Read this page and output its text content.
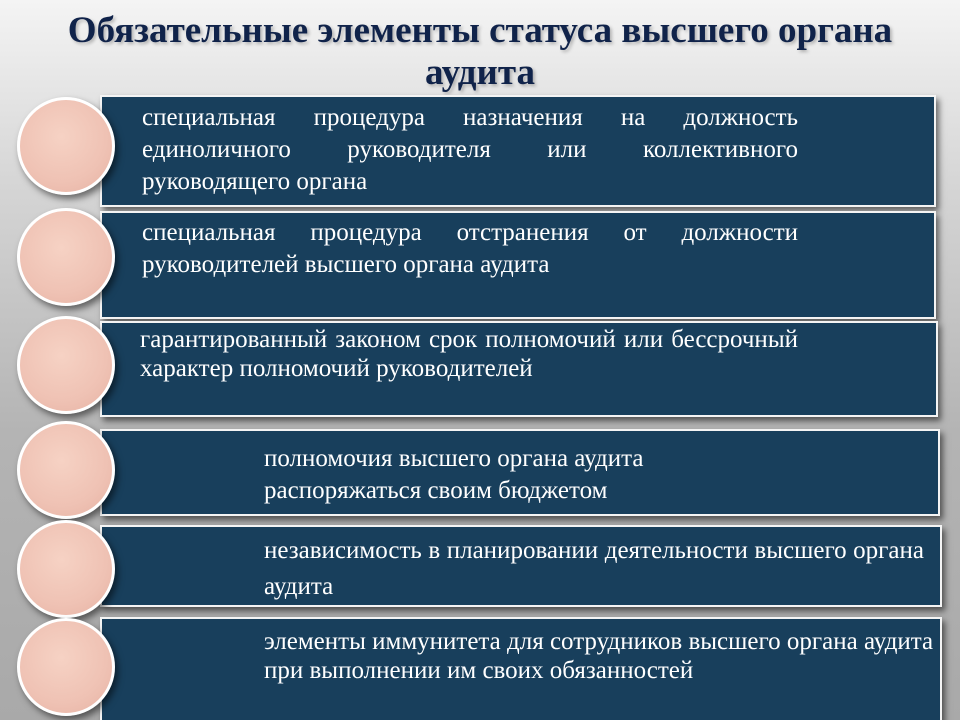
Обязательные элементы статуса высшего органа аудита
специальная процедура назначения на должность единоличного руководителя или коллективного руководящего органа
специальная процедура отстранения от должности руководителей высшего органа аудита
гарантированный законом срок полномочий или бессрочный характер полномочий руководителей
полномочия высшего органа аудита распоряжаться своим бюджетом
независимость в планировании деятельности высшего органа аудита
элементы иммунитета для сотрудников высшего органа аудита при выполнении им своих обязанностей
